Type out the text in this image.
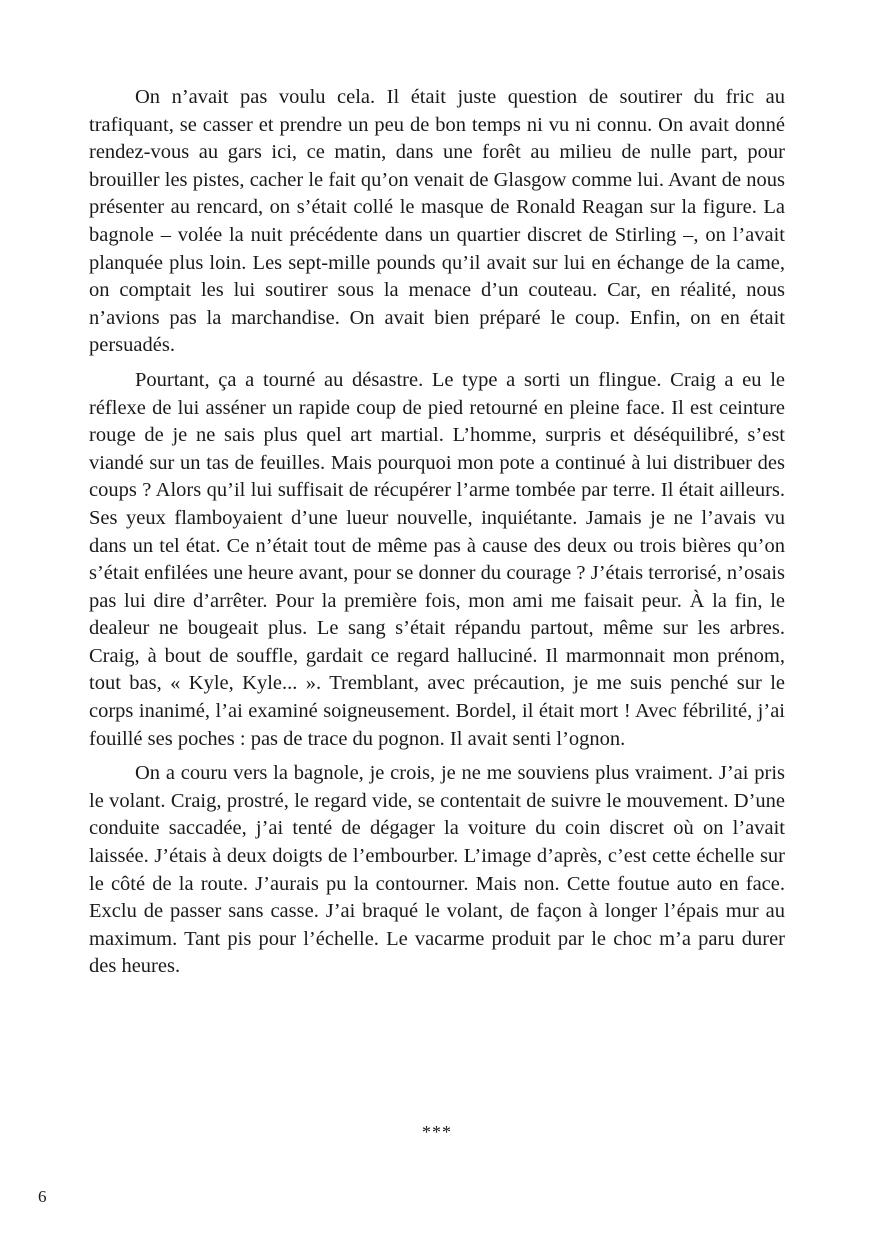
On n’avait pas voulu cela. Il était juste question de soutirer du fric au trafiquant, se casser et prendre un peu de bon temps ni vu ni connu. On avait donné rendez-vous au gars ici, ce matin, dans une forêt au milieu de nulle part, pour brouiller les pistes, cacher le fait qu’on venait de Glasgow comme lui. Avant de nous présenter au rencard, on s’était collé le masque de Ronald Reagan sur la figure. La bagnole – volée la nuit précédente dans un quartier discret de Stirling –, on l’avait planquée plus loin. Les sept-mille pounds qu’il avait sur lui en échange de la came, on comptait les lui soutirer sous la menace d’un couteau. Car, en réalité, nous n’avions pas la marchandise. On avait bien préparé le coup. Enfin, on en était persuadés.

Pourtant, ça a tourné au désastre. Le type a sorti un flingue. Craig a eu le réflexe de lui asséner un rapide coup de pied retourné en pleine face. Il est ceinture rouge de je ne sais plus quel art martial. L’homme, surpris et déséquilibré, s’est viandé sur un tas de feuilles. Mais pourquoi mon pote a continué à lui distribuer des coups ? Alors qu’il lui suffisait de récupérer l’arme tombée par terre. Il était ailleurs. Ses yeux flamboyaient d’une lueur nouvelle, inquiétante. Jamais je ne l’avais vu dans un tel état. Ce n’était tout de même pas à cause des deux ou trois bières qu’on s’était enfilées une heure avant, pour se donner du courage ? J’étais terrorisé, n’osais pas lui dire d’arrêter. Pour la première fois, mon ami me faisait peur. À la fin, le dealeur ne bougeait plus. Le sang s’était répandu partout, même sur les arbres. Craig, à bout de souffle, gardait ce regard halluciné. Il marmonnait mon prénom, tout bas, « Kyle, Kyle... ». Tremblant, avec précaution, je me suis penché sur le corps inanimé, l’ai examiné soigneusement. Bordel, il était mort ! Avec fébrilité, j’ai fouillé ses poches : pas de trace du pognon. Il avait senti l’ognon.

On a couru vers la bagnole, je crois, je ne me souviens plus vraiment. J’ai pris le volant. Craig, prostré, le regard vide, se contentait de suivre le mouvement. D’une conduite saccadée, j’ai tenté de dégager la voiture du coin discret où on l’avait laissée. J’étais à deux doigts de l’embourber. L’image d’après, c’est cette échelle sur le côté de la route. J’aurais pu la contourner. Mais non. Cette foutue auto en face. Exclu de passer sans casse. J’ai braqué le volant, de façon à longer l’épais mur au maximum. Tant pis pour l’échelle. Le vacarme produit par le choc m’a paru durer des heures.

***
6
